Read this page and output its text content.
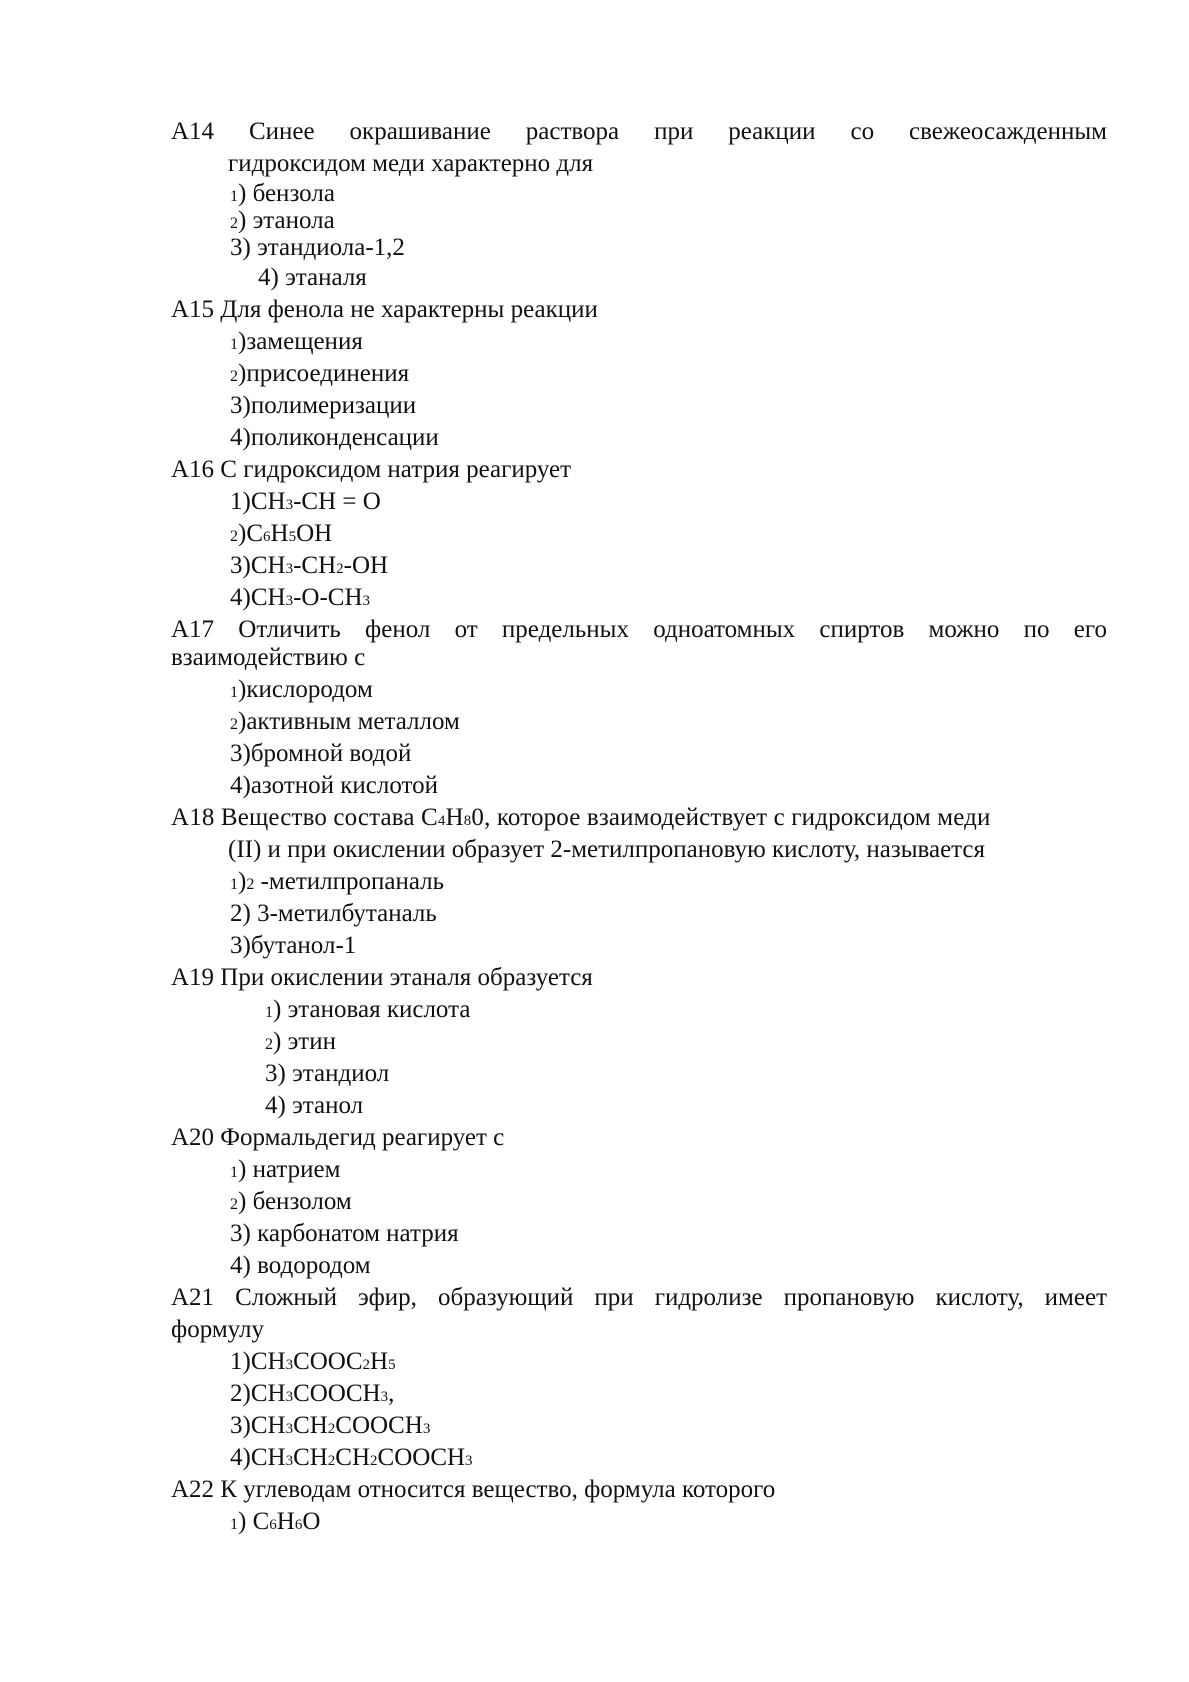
A14 Синее окрашивание раствора при реакции со свежеосажденным
гидроксидом меди характерно для
1) бензола
2) этанола
3) этандиола-1,2
4) этаналя
A15 Для фенола не характерны реакции
1)замещения
2)присоединения
3)полимеризации
4)поликонденсации
A16 С гидроксидом натрия реагирует
1)CH3-CH = O
2)C6H5OH
3)CH3-CH2-OH
4)CH3-O-CH3
A17 Отличить фенол от предельных одноатомных спиртов можно по его
взаимодействию с
1)кислородом
2)активным металлом
3)бромной водой
4)азотной кислотой
A18 Вещество состава C4H80, которое взаимодействует с гидроксидом меди
(II) и при окислении образует 2-метилпропановую кислоту, называется
1)2 -метилпропаналь
2) 3-метилбутаналь
3)бутанол-1
A19 При окислении этаналя образуется
1) этановая кислота
2) этин
3) этандиол
4) этанол
A20 Формальдегид реагирует с
1) натрием
2) бензолом
3) карбонатом натрия
4) водородом
A21 Сложный эфир, образующий при гидролизе пропановую кислоту, имеет
формулу
1)CH3COOC2H5
2)CH3COOCH3,
3)CH3CH2COOCH3
4)CH3CH2CH2COOCH3
A22 К углеводам относится вещество, формула которого
1) C6H6O
